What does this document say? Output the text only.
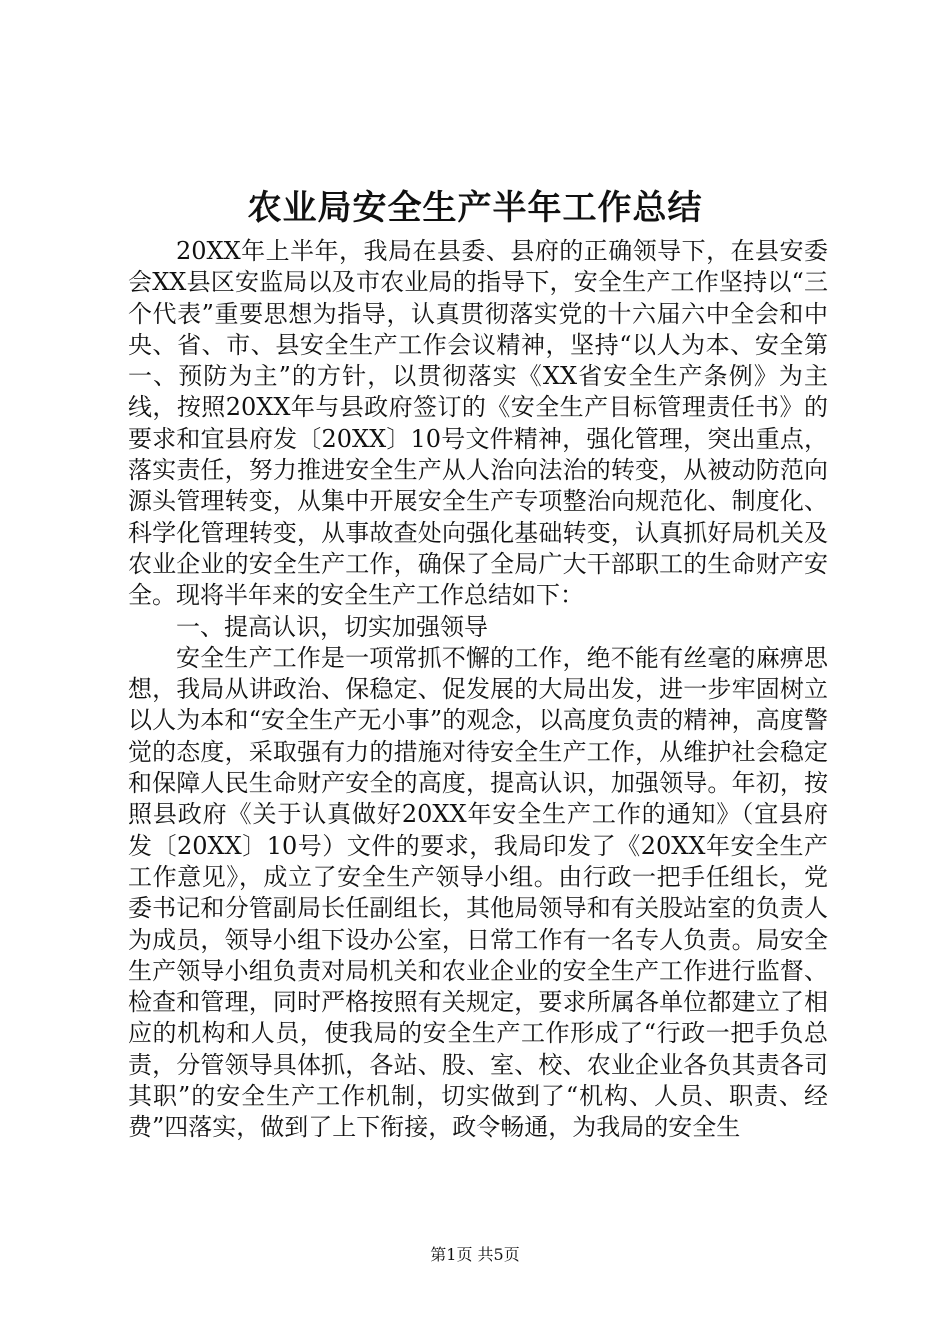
农业局安全生产半年工作总结

20XX年上半年，我局在县委、县府的正确领导下，在县安委会XX县区安监局以及市农业局的指导下，安全生产工作坚持以“三个代表”重要思想为指导，认真贯彻落实党的十六届六中全会和中央、省、市、县安全生产工作会议精神，坚持“以人为本、安全第一、预防为主”的方针，以贯彻落实《XX省安全生产条例》为主线，按照20XX年与县政府签订的《安全生产目标管理责任书》的要求和宜县府发〔20XX〕10号文件精神，强化管理，突出重点，落实责任，努力推进安全生产从人治向法治的转变，从被动防范向源头管理转变，从集中开展安全生产专项整治向规范化、制度化、科学化管理转变，从事故查处向强化基础转变，认真抓好局机关及农业企业的安全生产工作，确保了全局广大干部职工的生命财产安全。现将半年来的安全生产工作总结如下：

一、提高认识，切实加强领导

安全生产工作是一项常抓不懈的工作，绝不能有丝毫的麻痹思想，我局从讲政治、保稳定、促发展的大局出发，进一步牢固树立以人为本和“安全生产无小事”的观念，以高度负责的精神，高度警觉的态度，采取强有力的措施对待安全生产工作，从维护社会稳定和保障人民生命财产安全的高度，提高认识，加强领导。年初，按照县政府《关于认真做好20XX年安全生产工作的通知》（宜县府发〔20XX〕10号）文件的要求，我局印发了《20XX年安全生产工作意见》，成立了安全生产领导小组。由行政一把手任组长，党委书记和分管副局长任副组长，其他局领导和有关股站室的负责人为成员，领导小组下设办公室，日常工作有一名专人负责。局安全生产领导小组负责对局机关和农业企业的安全生产工作进行监督、检查和管理，同时严格按照有关规定，要求所属各单位都建立了相应的机构和人员，使我局的安全生产工作形成了“行政一把手负总责，分管领导具体抓，各站、股、室、校、农业企业各负其责各司其职”的安全生产工作机制，切实做到了“机构、人员、职责、经费”四落实，做到了上下衔接，政令畅通，为我局的安全生

第1页 共5页
